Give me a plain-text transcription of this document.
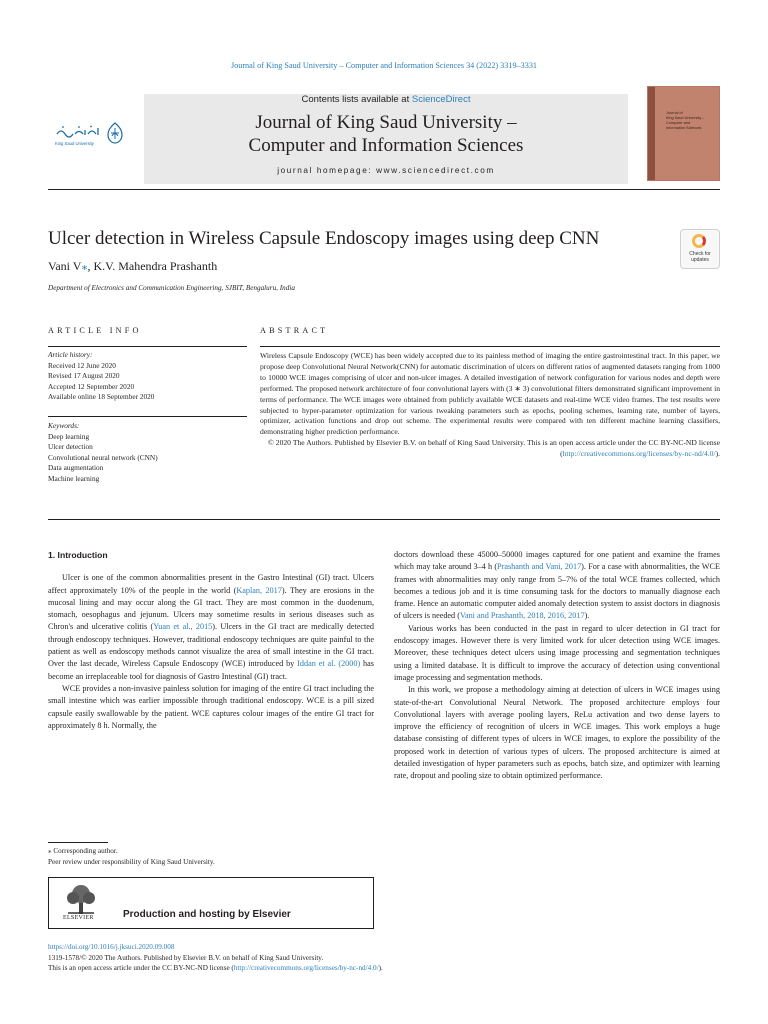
Journal of King Saud University – Computer and Information Sciences 34 (2022) 3319–3331
King Saud University
Contents lists available at ScienceDirect
Journal of King Saud University –
Computer and Information Sciences
journal homepage: www.sciencedirect.com
Journal of
King Saud University –
Computer and
Information Sciences
Ulcer detection in Wireless Capsule Endoscopy images using deep CNN
Check for
updates
Vani V⁎, K.V. Mahendra Prashanth
Department of Electronics and Communication Engineering, SJBIT, Bengaluru, India
ARTICLE INFO	ABSTRACT
Article history:
Received 12 June 2020
Revised 17 August 2020
Accepted 12 September 2020
Available online 18 September 2020
Keywords:
Deep learning
Ulcer detection
Convolutional neural network (CNN)
Data augmentation
Machine learning
Wireless Capsule Endoscopy (WCE) has been widely accepted due to its painless method of imaging the entire gastrointestinal tract. In this paper, we propose deep Convolutional Neural Network(CNN) for automatic discrimination of ulcers on different ratios of augmented datasets ranging from 1000 to 10000 WCE images comprising of ulcer and non-ulcer images. A detailed investigation of network configuration for various nodes and depth were performed. The proposed network architecture of four convolutional layers with (3 ∗ 3) convolutional filters demonstrated significant improvement in terms of performance. The WCE images were obtained from publicly available WCE datasets and real-time WCE video frames. The test results were subjected to hyper-parameter optimization for various tweaking parameters such as epochs, pooling schemes, learning rate, number of layers, optimizer, activation functions and drop out scheme. The experimental results were compared with ten different machine learning classifiers, demonstrating higher prediction performance.
© 2020 The Authors. Published by Elsevier B.V. on behalf of King Saud University. This is an open access article under the CC BY-NC-ND license (http://creativecommons.org/licenses/by-nc-nd/4.0/).

1. Introduction

Ulcer is one of the common abnormalities present in the Gastro Intestinal (GI) tract. Ulcers affect approximately 10% of the people in the world (Kaplan, 2017). They are erosions in the mucosal lining and may occur along the GI tract. They are most common in the duodenum, stomach, oesophagus and jejunum. Ulcers may sometime results in serious diseases such as Chron's and ulcerative colitis (Yuan et al., 2015). Ulcers in the GI tract are medically detected through endoscopy techniques. However, traditional endoscopy techniques are quite painful to the patient as well as endoscopy methods cannot visualize the area of small intestine in the GI tract. Over the last decade, Wireless Capsule Endoscopy (WCE) introduced by Iddan et al. (2000) has become an irreplaceable tool for diagnosis of Gastro Intestinal (GI) tract.

WCE provides a non-invasive painless solution for imaging of the entire GI tract including the small intestine which was earlier impossible through traditional endoscopy. WCE is a pill sized capsule easily swallowable by the patient. WCE captures colour images of the entire GI tract for approximately 8 h. Normally, the

doctors download these 45000–50000 images captured for one patient and examine the frames which may take around 3–4 h (Prashanth and Vani, 2017). For a case with abnormalities, the WCE frames with abnormalities may only range from 5–7% of the total WCE frames collected, which becomes a tedious job and it is time consuming task for the doctors to manually diagnose each frame. Hence an automatic computer aided anomaly detection system to assist doctors in diagnosis of ulcers is needed (Vani and Prashanth, 2018, 2016, 2017).

Various works has been conducted in the past in regard to ulcer detection in GI tract for endoscopy images. However there is very limited work for ulcer detection using WCE images. Moreover, these techniques detect ulcers using image processing and segmentation techniques using a limited database. It is difficult to improve the accuracy of detection using conventional image processing and segmentation methods.

In this work, we propose a methodology aiming at detection of ulcers in WCE images using state-of-the-art Convolutional Neural Network. The proposed architecture employs four Convolutional layers with average pooling layers, ReLu activation and two dense layers to improve the efficiency of recognition of ulcers in WCE images. This work employs a huge database consisting of different types of ulcers in WCE images, to explore the possibility of the proposed work in detection of various types of ulcers. The proposed architecture is aimed at detailed investigation of hyper parameters such as epochs, batch size, and optimizer with learning rate, dropout and pooling size to obtain optimized performance.

⁎ Corresponding author.
Peer review under responsibility of King Saud University.
ELSEVIER	Production and hosting by Elsevier
https://doi.org/10.1016/j.jksuci.2020.09.008
1319-1578/© 2020 The Authors. Published by Elsevier B.V. on behalf of King Saud University.
This is an open access article under the CC BY-NC-ND license (http://creativecommons.org/licenses/by-nc-nd/4.0/).
